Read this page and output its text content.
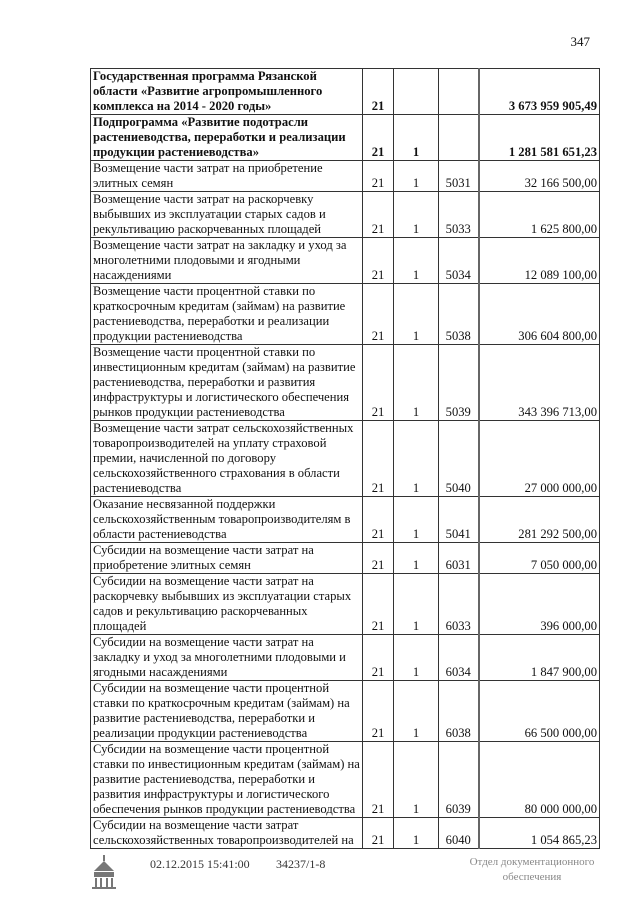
347
Государственная программа Рязанской области «Развитие агропромышленного комплекса на 2014 - 2020 годы»	21			3 673 959 905,49
Подпрограмма «Развитие подотрасли растениеводства, переработки и реализации продукции растениеводства»	21	1		1 281 581 651,23
Возмещение части затрат на приобретение элитных семян	21	1	5031	32 166 500,00
Возмещение части затрат на раскорчевку выбывших из эксплуатации старых садов и рекультивацию раскорчеванных площадей	21	1	5033	1 625 800,00
Возмещение части затрат на закладку и уход за многолетними плодовыми и ягодными насаждениями	21	1	5034	12 089 100,00
Возмещение части процентной ставки по краткосрочным кредитам (займам) на развитие растениеводства, переработки и реализации продукции растениеводства	21	1	5038	306 604 800,00
Возмещение части процентной ставки по инвестиционным кредитам (займам) на развитие растениеводства, переработки и развития инфраструктуры и логистического обеспечения рынков продукции растениеводства	21	1	5039	343 396 713,00
Возмещение части затрат сельскохозяйственных товаропроизводителей на уплату страховой премии, начисленной по договору сельскохозяйственного страхования в области растениеводства	21	1	5040	27 000 000,00
Оказание несвязанной поддержки сельскохозяйственным товаропроизводителям в области растениеводства	21	1	5041	281 292 500,00
Субсидии на возмещение части затрат на приобретение элитных семян	21	1	6031	7 050 000,00
Субсидии на возмещение части затрат на раскорчевку выбывших из эксплуатации старых садов и рекультивацию раскорчеванных площадей	21	1	6033	396 000,00
Субсидии на возмещение части затрат на закладку и уход за многолетними плодовыми и ягодными насаждениями	21	1	6034	1 847 900,00
Субсидии на возмещение части процентной ставки по краткосрочным кредитам (займам) на развитие растениеводства, переработки и реализации продукции растениеводства	21	1	6038	66 500 000,00
Субсидии на возмещение части процентной ставки по инвестиционным кредитам (займам) на развитие растениеводства, переработки и развития инфраструктуры и логистического обеспечения рынков продукции растениеводства	21	1	6039	80 000 000,00
Субсидии на возмещение части затрат сельскохозяйственных товаропроизводителей на	21	1	6040	1 054 865,23
02.12.2015 15:41:00 34237/1-8	Отдел документационного
обеспечения
